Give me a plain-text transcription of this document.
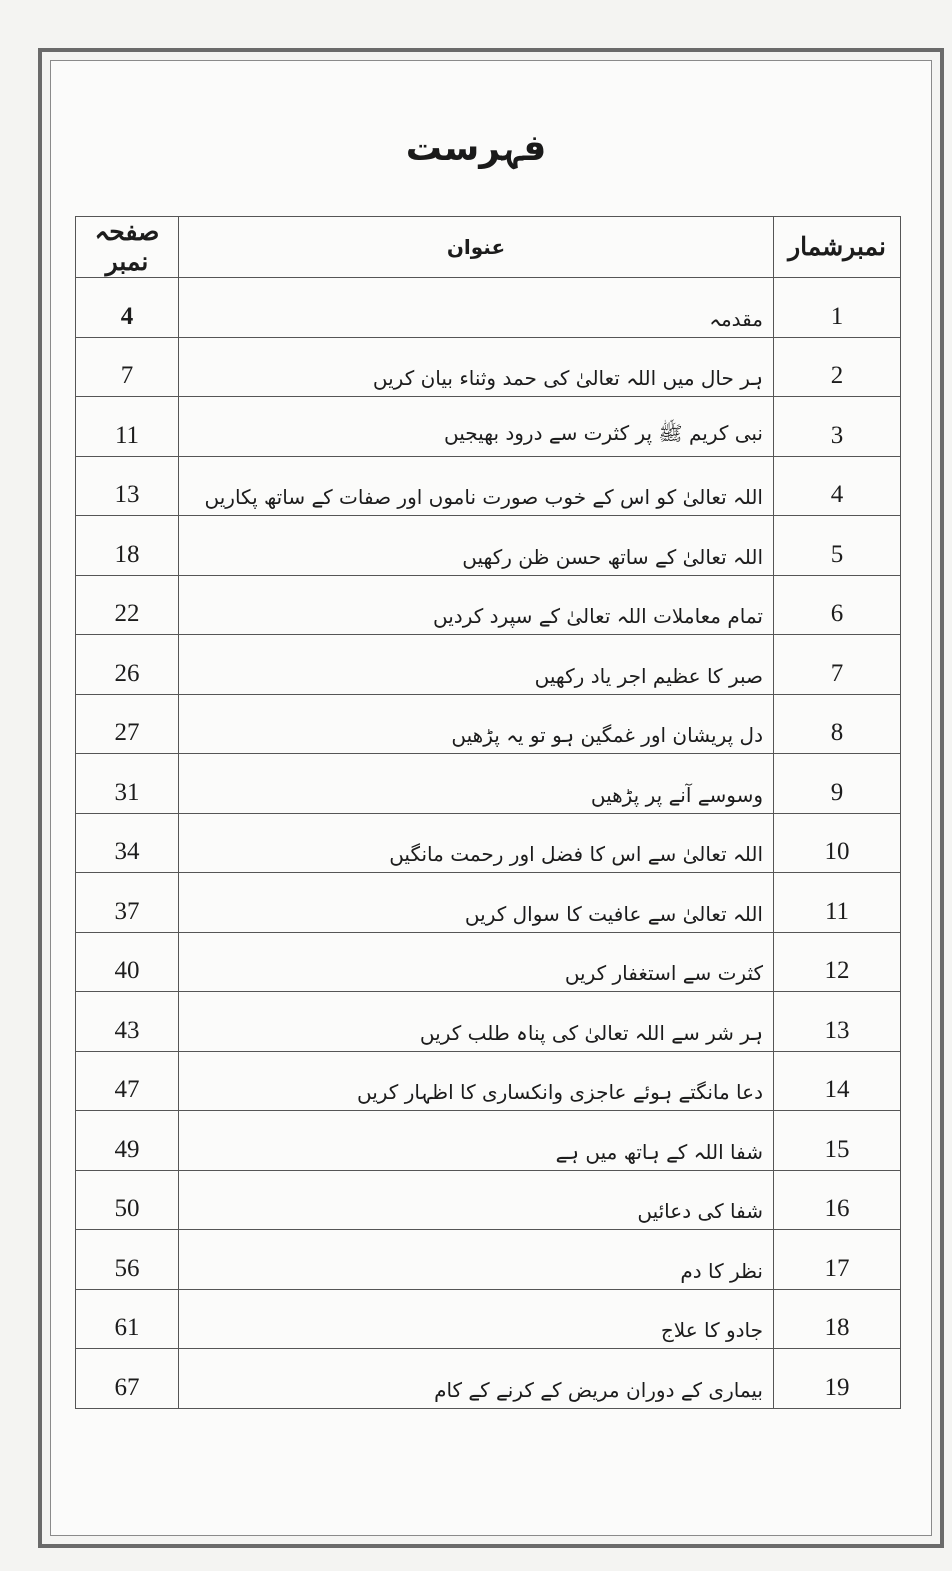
فہرست
نمبرشمار	عنوان	صفحہ نمبر
1	مقدمہ	4
2	ہر حال میں اللہ تعالیٰ کی حمد وثناء بیان کریں	7
3	نبی کریم ﷺ پر کثرت سے درود بھیجیں	11
4	اللہ تعالیٰ کو اس کے خوب صورت ناموں اور صفات کے ساتھ پکاریں	13
5	اللہ تعالیٰ کے ساتھ حسن ظن رکھیں	18
6	تمام معاملات اللہ تعالیٰ کے سپرد کردیں	22
7	صبر کا عظیم اجر یاد رکھیں	26
8	دل پریشان اور غمگین ہو تو یہ پڑھیں	27
9	وسوسے آنے پر پڑھیں	31
10	اللہ تعالیٰ سے اس کا فضل اور رحمت مانگیں	34
11	اللہ تعالیٰ سے عافیت کا سوال کریں	37
12	کثرت سے استغفار کریں	40
13	ہر شر سے اللہ تعالیٰ کی پناہ طلب کریں	43
14	دعا مانگتے ہوئے عاجزی وانکساری کا اظہار کریں	47
15	شفا اللہ کے ہاتھ میں ہے	49
16	شفا کی دعائیں	50
17	نظر کا دم	56
18	جادو کا علاج	61
19	بیماری کے دوران مریض کے کرنے کے کام	67
